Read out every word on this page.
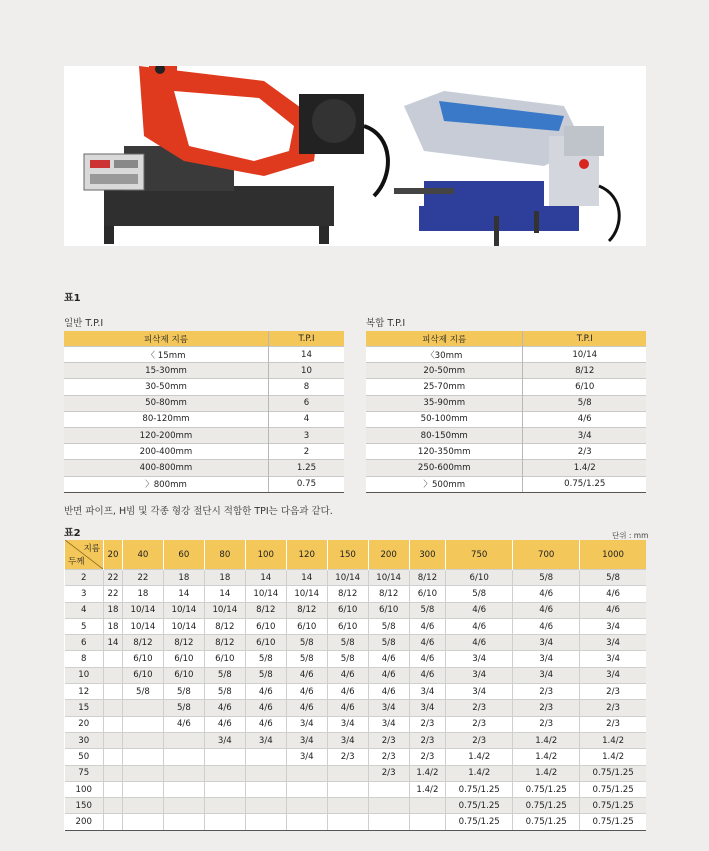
표1
일반 T.P.I	복합 T.P.I
피삭제 지름	T.P.I
〈 15mm	14
15-30mm	10
30-50mm	8
50-80mm	6
80-120mm	4
120-200mm	3
200-400mm	2
400-800mm	1.25
〉800mm	0.75
피삭제 지름	T.P.I
〈30mm	10/14
20-50mm	8/12
25-70mm	6/10
35-90mm	5/8
50-100mm	4/6
80-150mm	3/4
120-350mm	2/3
250-600mm	1.4/2
〉500mm	0.75/1.25
반면 파이프, H빔 및 각종 형강 절단시 적합한 TPI는 다음과 같다.
표2	단위 : mm
지름
두께	20	40	60	80	100	120	150	200	300	750	700	1000
2	22	22	18	18	14	14	10/14	10/14	8/12	6/10	5/8	5/8
3	22	18	14	14	10/14	10/14	8/12	8/12	6/10	5/8	4/6	4/6
4	18	10/14	10/14	10/14	8/12	8/12	6/10	6/10	5/8	4/6	4/6	4/6
5	18	10/14	10/14	8/12	6/10	6/10	6/10	5/8	4/6	4/6	4/6	3/4
6	14	8/12	8/12	8/12	6/10	5/8	5/8	5/8	4/6	4/6	3/4	3/4
8		6/10	6/10	6/10	5/8	5/8	5/8	4/6	4/6	3/4	3/4	3/4
10		6/10	6/10	5/8	5/8	4/6	4/6	4/6	4/6	3/4	3/4	3/4
12		5/8	5/8	5/8	4/6	4/6	4/6	4/6	3/4	3/4	2/3	2/3
15			5/8	4/6	4/6	4/6	4/6	3/4	3/4	2/3	2/3	2/3
20			4/6	4/6	4/6	3/4	3/4	3/4	2/3	2/3	2/3	2/3
30				3/4	3/4	3/4	3/4	2/3	2/3	2/3	1.4/2	1.4/2
50						3/4	2/3	2/3	2/3	1.4/2	1.4/2	1.4/2
75								2/3	1.4/2	1.4/2	1.4/2	0.75/1.25
100									1.4/2	0.75/1.25	0.75/1.25	0.75/1.25
150										0.75/1.25	0.75/1.25	0.75/1.25
200										0.75/1.25	0.75/1.25	0.75/1.25
